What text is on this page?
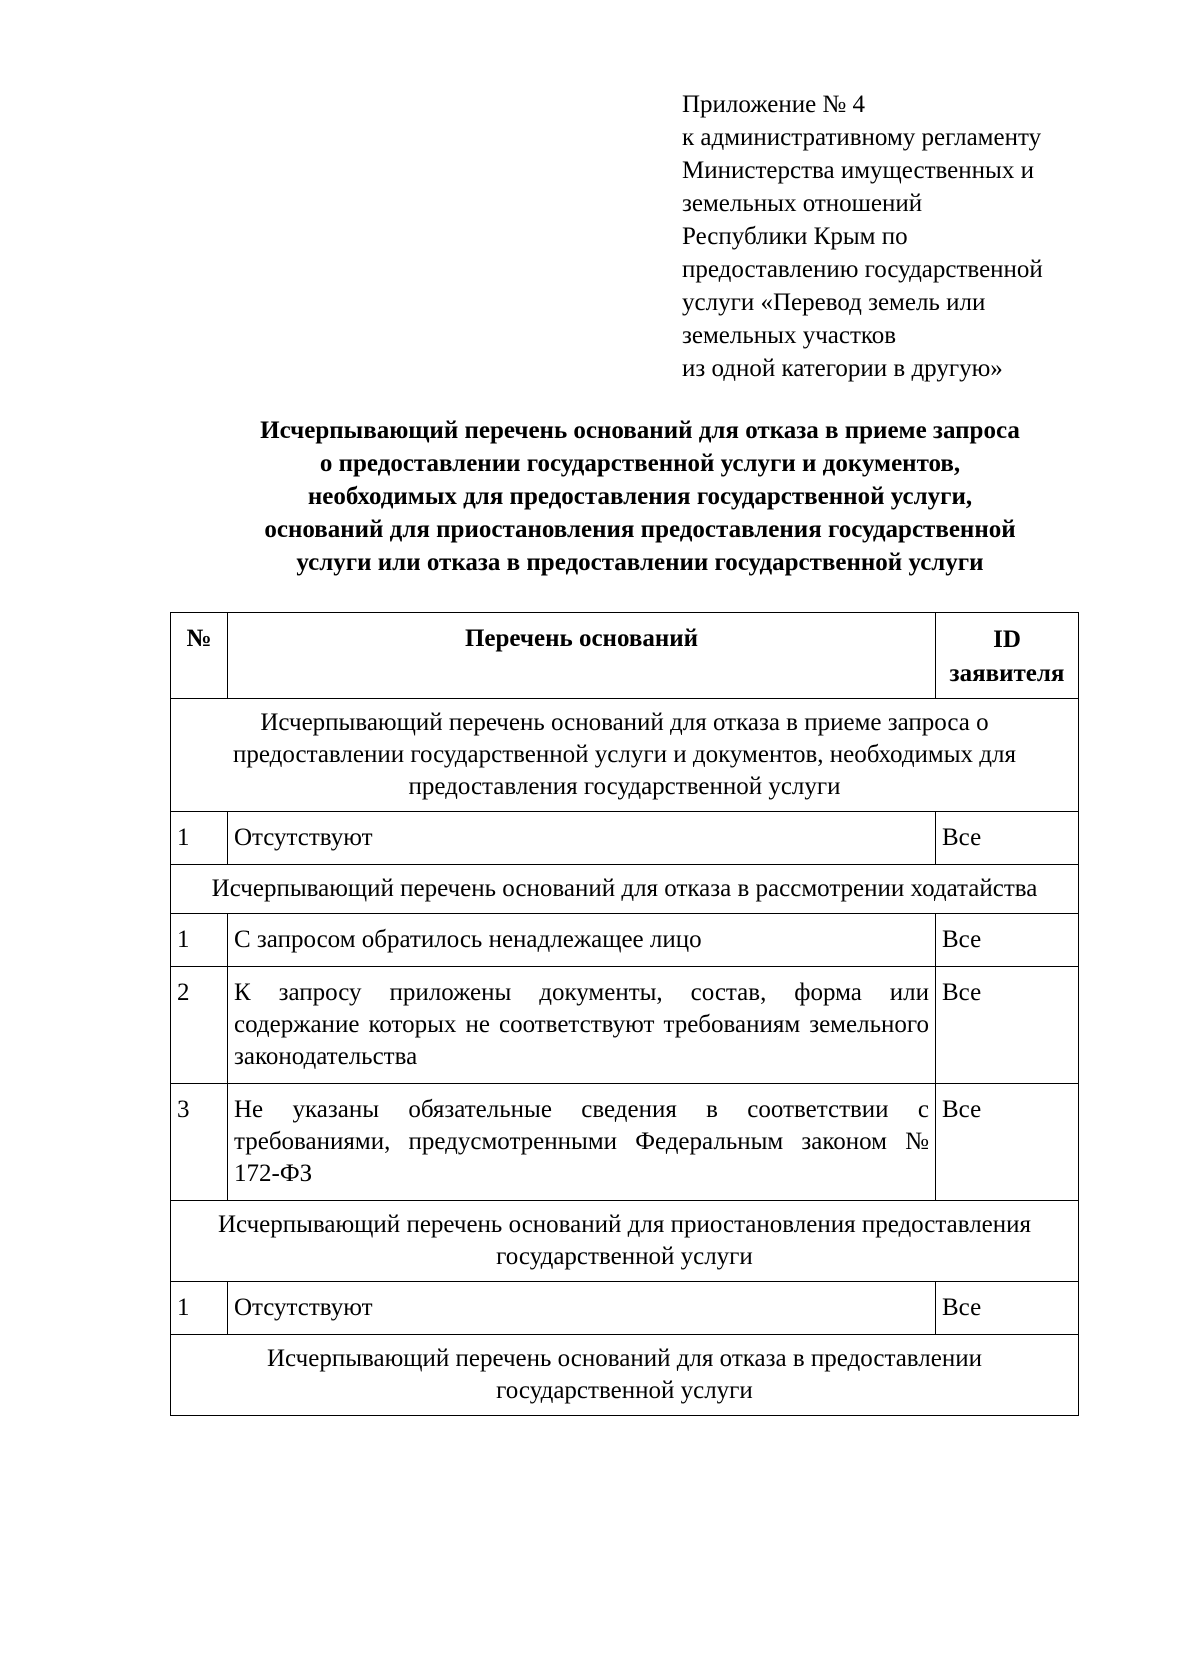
Приложение № 4
к административному регламенту
Министерства имущественных и
земельных отношений
Республики Крым по
предоставлению государственной
услуги «Перевод земель или
земельных участков
из одной категории в другую»
Исчерпывающий перечень оснований для отказа в приеме запроса
о предоставлении государственной услуги и документов,
необходимых для предоставления государственной услуги,
оснований для приостановления предоставления государственной
услуги или отказа в предоставлении государственной услуги
№	Перечень оснований	ID
заявителя

Исчерпывающий перечень оснований для отказа в приеме запроса о предоставлении государственной услуги и документов, необходимых для предоставления государственной услуги		
1	Отсутствуют	Все
Исчерпывающий перечень оснований для отказа в рассмотрении ходатайства		
1	С запросом обратилось ненадлежащее лицо	Все
2	К запросу приложены документы, состав, форма или содержание которых не соответствуют требованиям земельного законодательства	Все
3	Не указаны обязательные сведения в соответствии с требованиями, предусмотренными Федеральным законом № 172-ФЗ	Все
Исчерпывающий перечень оснований для приостановления предоставления государственной услуги		
1	Отсутствуют	Все
Исчерпывающий перечень оснований для отказа в предоставлении государственной услуги		
